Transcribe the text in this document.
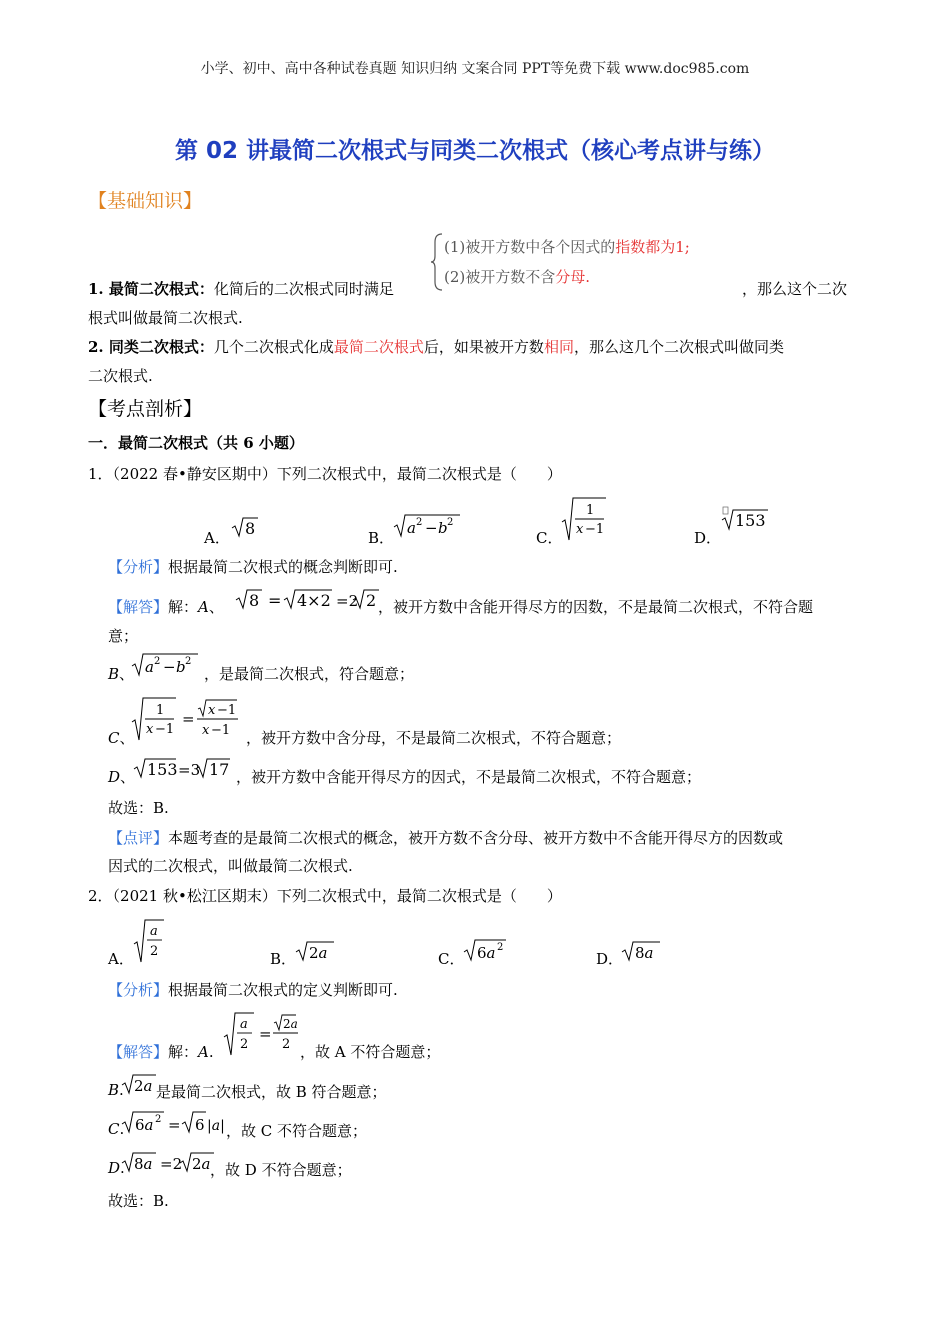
小学、初中、高中各种试卷真题 知识归纳 文案合同 PPT等免费下载 www.doc985.com
第 02 讲最简二次根式与同类二次根式（核心考点讲与练）
【基础知识】
(1)被开方数中各个因式的指数都为1;
(2)被开方数不含分母.
1. 最简二次根式：化简后的二次根式同时满足	，那么这个二次
根式叫做最简二次根式.
2. 同类二次根式：几个二次根式化成最简二次根式后，如果被开方数相同，那么这几个二次根式叫做同类
二次根式.
【考点剖析】
一．最简二次根式（共 6 小题）
1．（2022 春•静安区期中）下列二次根式中，最简二次根式是（　　）
A． 8	B．
a 2 − b 2
C．
1
x −1	D．
153
【分析】根据最简二次根式的概念判断即可.
【解答】解：A、 8 = 4×2 =2 2 ，被开方数中含能开得尽方的因数，不是最简二次根式，不符合题
意；
B、 a 2 − b 2
，是最简二次根式，符合题意；
C、
1
x −1
= x −1
x −1 ，被开方数中含分母，不是最简二次根式，不符合题意；
D、 153 =3 17 ，被开方数中含能开得尽方的因式，不是最简二次根式，不符合题意；
故选：B.
【点评】本题考查的是最简二次根式的概念，被开方数不含分母、被开方数中不含能开得尽方的因数或
因式的二次根式，叫做最简二次根式.
2．（2021 秋•松江区期末）下列二次根式中，最简二次根式是（　　）
A．
a
2	B． 2a	C． 6a 2
D． 8a
【分析】根据最简二次根式的定义判断即可.
【解答】解：A.
a
2
=
2a
2 ，故 A 不符合题意；
B. 2a 是最简二次根式，故 B 符合题意；
C. 6a 2 = 6 |a| ，故 C 不符合题意；
D. 8a =2 2a ，故 D 不符合题意；
故选：B.
